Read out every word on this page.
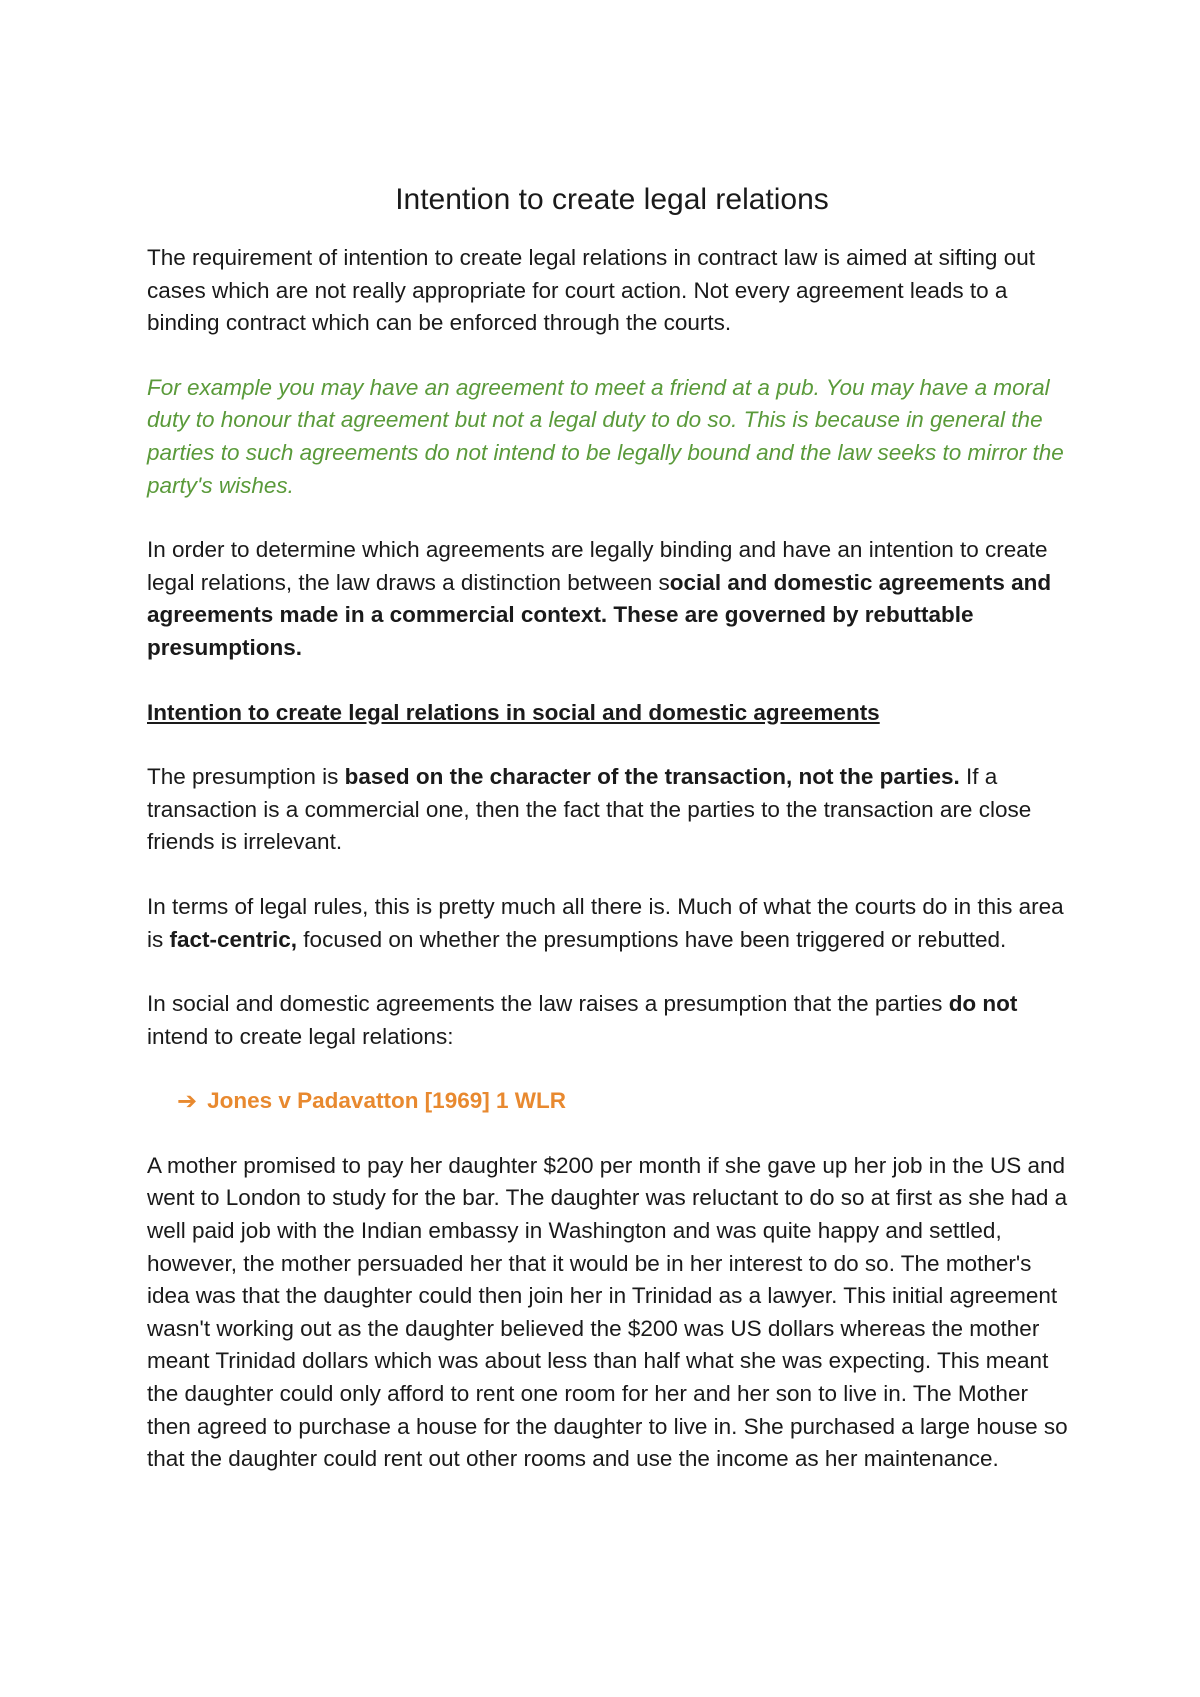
Intention to create legal relations

The requirement of intention to create legal relations in contract law is aimed at sifting out cases which are not really appropriate for court action. Not every agreement leads to a binding contract which can be enforced through the courts.

For example you may have an agreement to meet a friend at a pub. You may have a moral duty to honour that agreement but not a legal duty to do so. This is because in general the parties to such agreements do not intend to be legally bound and the law seeks to mirror the party's wishes.

In order to determine which agreements are legally binding and have an intention to create legal relations, the law draws a distinction between social and domestic agreements and agreements made in a commercial context. These are governed by rebuttable presumptions.

Intention to create legal relations in social and domestic agreements

The presumption is based on the character of the transaction, not the parties. If a transaction is a commercial one, then the fact that the parties to the transaction are close friends is irrelevant.

In terms of legal rules, this is pretty much all there is. Much of what the courts do in this area is fact-centric, focused on whether the presumptions have been triggered or rebutted.

In social and domestic agreements the law raises a presumption that the parties do not intend to create legal relations:

➔ Jones v Padavatton [1969] 1 WLR

A mother promised to pay her daughter $200 per month if she gave up her job in the US and went to London to study for the bar. The daughter was reluctant to do so at first as she had a well paid job with the Indian embassy in Washington and was quite happy and settled, however, the mother persuaded her that it would be in her interest to do so. The mother's idea was that the daughter could then join her in Trinidad as a lawyer. This initial agreement wasn't working out as the daughter believed the $200 was US dollars whereas the mother meant Trinidad dollars which was about less than half what she was expecting. This meant the daughter could only afford to rent one room for her and her son to live in. The Mother then agreed to purchase a house for the daughter to live in. She purchased a large house so that the daughter could rent out other rooms and use the income as her maintenance.
